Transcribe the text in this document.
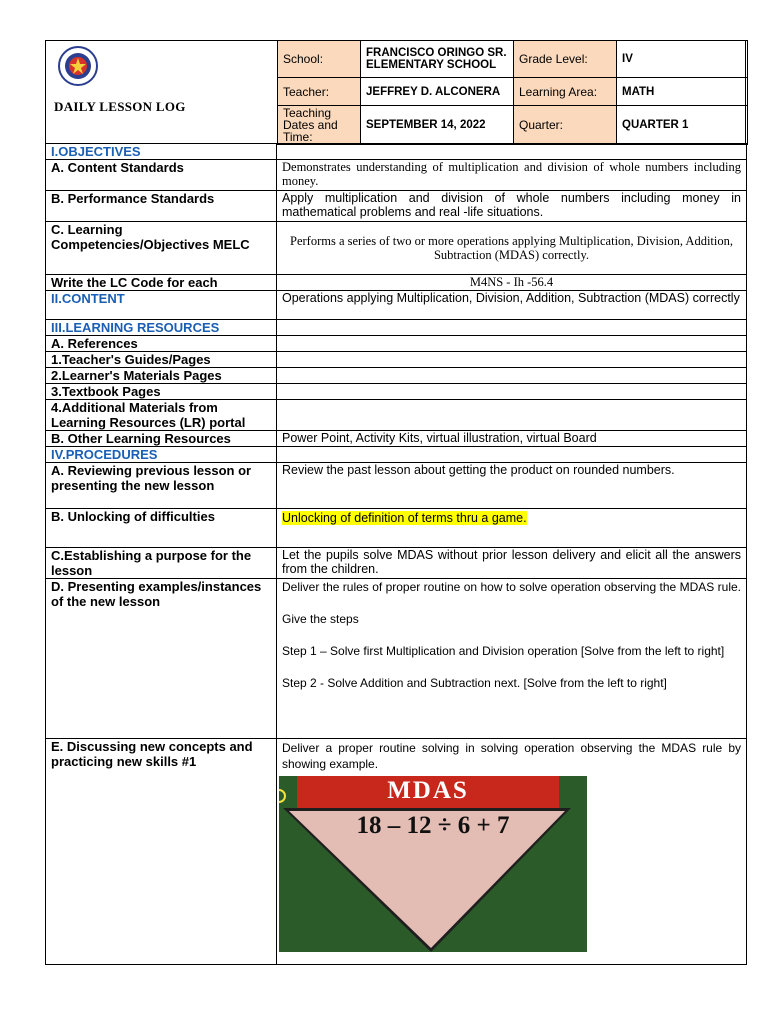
DAILY LESSON LOG
School:	FRANCISCO ORINGO SR. ELEMENTARY SCHOOL	Grade Level:	IV
Teacher:	JEFFREY D. ALCONERA	Learning Area:	MATH
Teaching Dates and Time:	SEPTEMBER 14, 2022	Quarter:	QUARTER 1
I.OBJECTIVES	
A. Content Standards	Demonstrates understanding of multiplication and division of whole numbers including money.
B. Performance Standards	Apply multiplication and division of whole numbers including money in mathematical problems and real -life situations.
C. Learning Competencies/Objectives MELC	Performs a series of two or more operations applying Multiplication, Division, Addition, Subtraction (MDAS) correctly.
Write the LC Code for each	M4NS - Ih -56.4
II.CONTENT	Operations applying Multiplication, Division, Addition, Subtraction (MDAS) correctly
III.LEARNING RESOURCES	
A. References	
1.Teacher's Guides/Pages	
2.Learner's Materials Pages	
3.Textbook Pages	
4.Additional Materials from Learning Resources (LR) portal	
B. Other Learning Resources	Power Point, Activity Kits, virtual illustration, virtual Board
IV.PROCEDURES	
A. Reviewing previous lesson or presenting the new lesson	Review the past lesson about getting the product on rounded numbers.
B. Unlocking of difficulties	Unlocking of definition of terms thru a game.
C.Establishing a purpose for the lesson	Let the pupils solve MDAS without prior lesson delivery and elicit all the answers from the children.
D. Presenting examples/instances of the new lesson	Deliver the rules of proper routine on how to solve operation observing the MDAS rule.

Give the steps

Step 1 – Solve first Multiplication and Division operation [Solve from the left to right]

Step 2 - Solve Addition and Subtraction next. [Solve from the left to right]

E. Discussing new concepts and practicing new skills #1	Deliver a proper routine solving in solving operation observing the MDAS rule by showing example.

MDAS
18 – 12 ÷ 6 + 7
